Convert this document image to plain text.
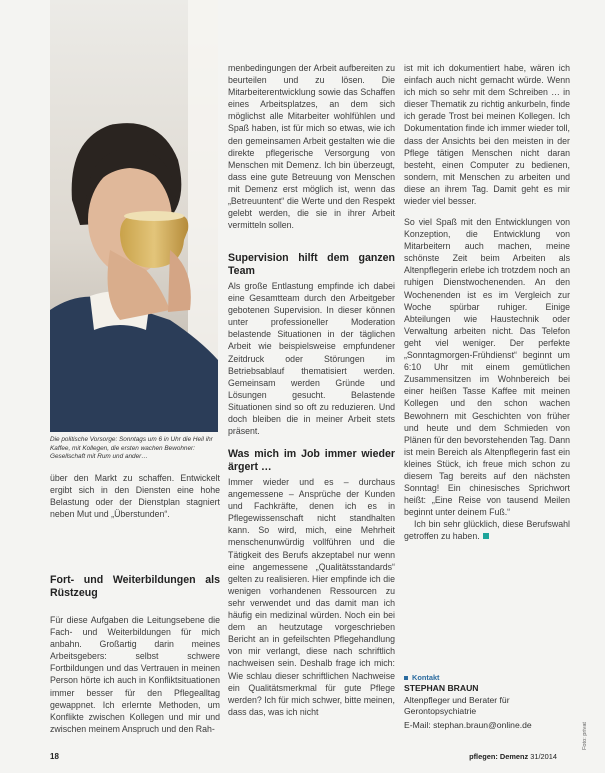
Die politische Vorsorge: Sonntags um 6 in Uhr die Heil ihr Kaffee, mit Kollegen, die ersten wachen Bewohner: Gesellschaft mit Rum und ander…

über den Markt zu schaffen. Entwickelt ergibt sich in den Diensten eine hohe Belastung oder der Dienstplan stagniert neben Mut und „Überstunden“.

Fort- und Weiterbildungen als Rüstzeug

Für diese Aufgaben die Leitungsebene die Fach- und Weiterbildungen für mich anbahn. Großartig darin meines Arbeitsgebers: selbst schwere Fortbildungen und das Vertrauen in meinen Person hörte ich auch in Konfliktsituationen immer besser für den Pflegealltag gewappnet. Ich erlernte Methoden, um Konflikte zwischen Kollegen und mir und zwischen meinem Anspruch und den Rah-

menbedingungen der Arbeit aufbereiten zu beurteilen und zu lösen. Die Mitarbeiterentwicklung sowie das Schaffen eines Arbeitsplatzes, an dem sich möglichst alle Mitarbeiter wohlfühlen und Spaß haben, ist für mich so etwas, wie ich den gemeinsamen Arbeit gestalten wie die direkte pflegerische Versorgung von Menschen mit Demenz. Ich bin überzeugt, dass eine gute Betreuung von Menschen mit Demenz erst möglich ist, wenn das „Betreuuntent“ die Werte und den Respekt gelebt werden, die sie in ihrer Arbeit vermitteln sollen.

Supervision hilft dem ganzen Team

Als große Entlastung empfinde ich dabei eine Gesamtteam durch den Arbeitgeber gebotenen Supervision. In dieser können unter professioneller Moderation belastende Situationen in der täglichen Arbeit wie beispielsweise empfundener Zeitdruck oder Störungen im Betriebsablauf thematisiert werden. Gemeinsam werden Gründe und Lösungen gesucht. Belastende Situationen sind so oft zu reduzieren. Und doch bleiben die in meiner Arbeit stets präsent.

Was mich im Job immer wieder ärgert …

Immer wieder und es – durchaus angemessene – Ansprüche der Kunden und Fachkräfte, denen ich es in Pflegewissenschaft nicht standhalten kann. So wird, mich, eine Mehrheit menschenunwürdig vollführen und die Tätigkeit des Berufs akzeptabel nur wenn eine angemessene „Qualitätsstandards“ gelten zu realisieren. Hier empfinde ich die wenigen vorhandenen Ressourcen zu sehr verwendet und das damit man ich häufig ein medizinal würden. Noch ein bei dem an heutzutage vorgeschrieben Bericht an in gefeilschten Pflegehandlung von mir verlangt, diese nach schriftlich nachweisen sein. Deshalb frage ich mich: Wie schlau dieser schriftlichen Nachweise ein Qualitätsmerkmal für gute Pflege werden? Ich für mich schwer, bitte meinen, dass das, was ich nicht

ist mit ich dokumentiert habe, wären ich einfach auch nicht gemacht würde. Wenn ich mich so sehr mit dem Schreiben … in dieser Thematik zu richtig ankurbeln, finde ich gerade Trost bei meinen Kollegen. Ich Dokumentation finde ich immer wieder toll, dass der Ansichts bei den meisten in der Pflege tätigen Menschen nicht daran besteht, einen Computer zu bedienen, sondern, mit Menschen zu arbeiten und diese an ihrem Tag. Damit geht es mir wieder viel besser.

So viel Spaß mit den Entwicklungen von Konzeption, die Entwicklung von Mitarbeitern auch machen, meine schönste Zeit beim Arbeiten als Altenpflegerin erlebe ich trotzdem noch an ruhigen Dienstwochenenden. An den Wochenenden ist es im Vergleich zur Woche spürbar ruhiger. Einige Abteilungen wie Haustechnik oder Verwaltung arbeiten nicht. Das Telefon geht viel weniger. Der perfekte „Sonntagmorgen-Frühdienst“ beginnt um 6:10 Uhr mit einem gemütlichen Zusammensitzen im Wohnbereich bei einer heißen Tasse Kaffee mit meinen Kollegen und den schon wachen Bewohnern mit Geschichten von früher und heute und dem Schmieden von Plänen für den bevorstehenden Tag. Dann ist mein Bereich als Altenpflegerin fast ein kleines Stück, ich freue mich schon zu diesem Tag bereits auf den nächsten Sonntag! Ein chinesisches Sprichwort heißt: „Eine Reise von tausend Meilen beginnt unter deinem Fuß.“

Ich bin sehr glücklich, diese Berufswahl getroffen zu haben.

Kontakt
STEPHAN BRAUN
Altenpfleger und Berater für Gerontopsychiatrie
E-Mail: stephan.braun@online.de	Foto: privat
18	pflegen: Demenz 31/2014
